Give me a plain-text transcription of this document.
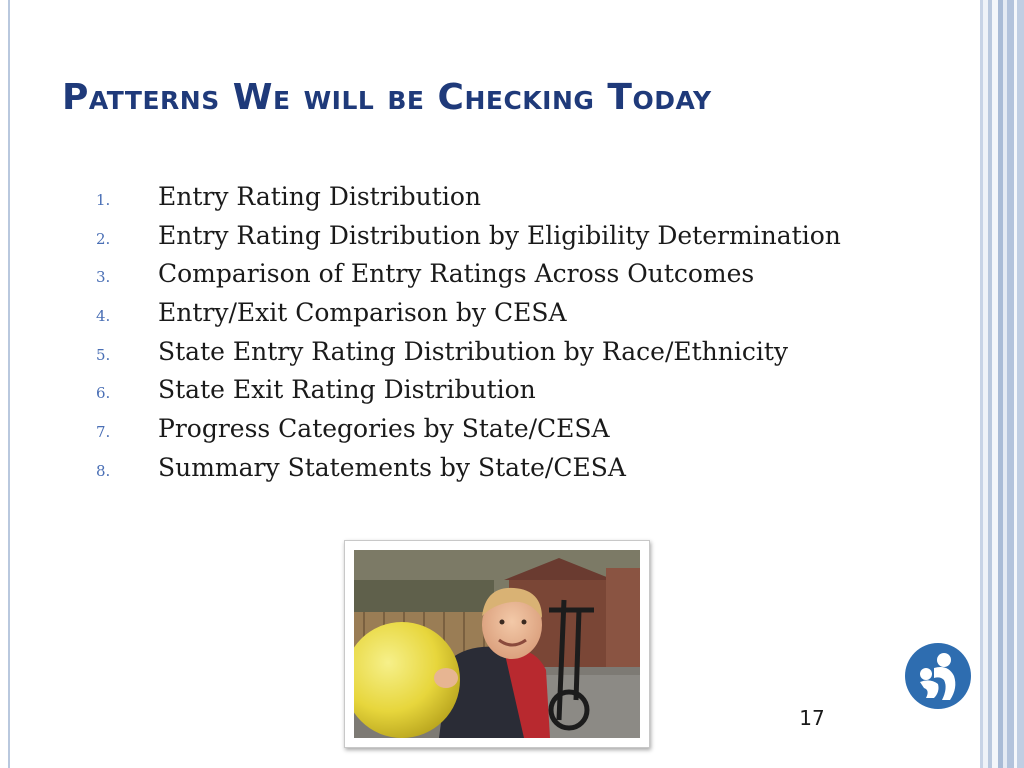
Patterns We will be Checking Today
1. Entry Rating Distribution
2. Entry Rating Distribution by Eligibility Determination
3. Comparison of Entry Ratings Across Outcomes
4. Entry/Exit Comparison by CESA
5. State Entry Rating Distribution by Race/Ethnicity
6. State Exit Rating Distribution
7. Progress Categories by State/CESA
8. Summary Statements by State/CESA
17
